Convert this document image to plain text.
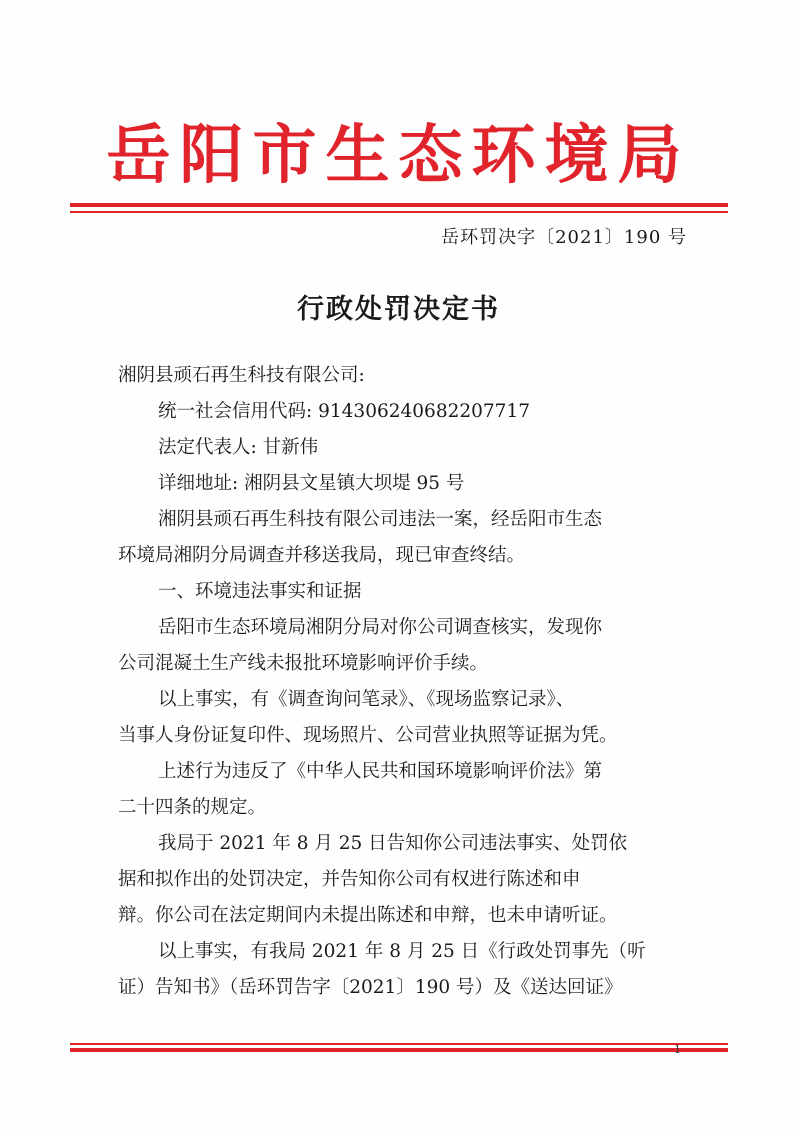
岳阳市生态环境局
岳环罚决字〔2021〕190 号
行政处罚决定书
湘阴县顽石再生科技有限公司:
统一社会信用代码: 914306240682207717
法定代表人: 甘新伟
详细地址: 湘阴县文星镇大坝堤 95 号
湘阴县顽石再生科技有限公司违法一案，经岳阳市生态
环境局湘阴分局调查并移送我局，现已审查终结。
一、环境违法事实和证据
岳阳市生态环境局湘阴分局对你公司调查核实，发现你
公司混凝土生产线未报批环境影响评价手续。
以上事实，有《调查询问笔录》、《现场监察记录》、
当事人身份证复印件、现场照片、公司营业执照等证据为凭。
上述行为违反了《中华人民共和国环境影响评价法》第
二十四条的规定。
我局于 2021 年 8 月 25 日告知你公司违法事实、处罚依
据和拟作出的处罚决定，并告知你公司有权进行陈述和申
辩。你公司在法定期间内未提出陈述和申辩，也未申请听证。
以上事实，有我局 2021 年 8 月 25 日《行政处罚事先（听
证）告知书》（岳环罚告字〔2021〕190 号）及《送达回证》
1
